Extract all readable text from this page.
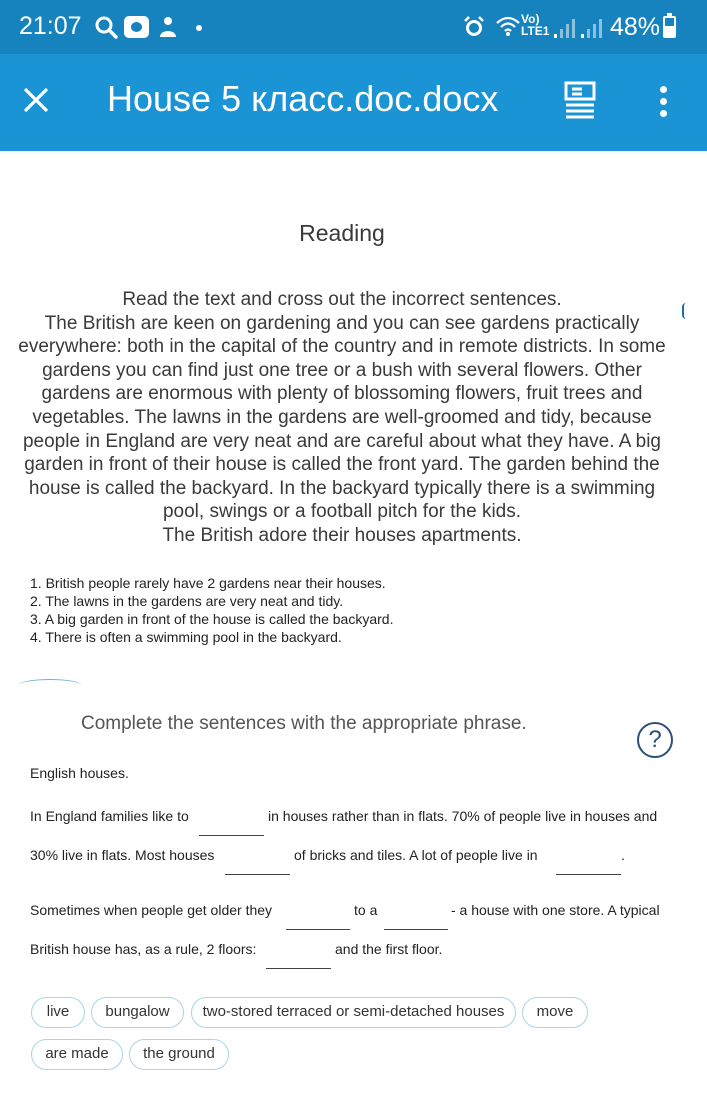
21:07	Vo) LTE1 48%
House 5 класс.doc.docx
Reading
Read the text and cross out the incorrect sentences.
The British are keen on gardening and you can see gardens practically everywhere: both in the capital of the country and in remote districts. In some gardens you can find just one tree or a bush with several flowers. Other gardens are enormous with plenty of blossoming flowers, fruit trees and vegetables. The lawns in the gardens are well-groomed and tidy, because people in England are very neat and are careful about what they have. A big garden in front of their house is called the front yard. The garden behind the house is called the backyard. In the backyard typically there is a swimming pool, swings or a football pitch for the kids.
The British adore their houses apartments.
1. British people rarely have 2 gardens near their houses.
2. The lawns in the gardens are very neat and tidy.
3. A big garden in front of the house is called the backyard.
4. There is often a swimming pool in the backyard.
Complete the sentences with the appropriate phrase.
?
English houses.
In England families like to	in houses rather than in flats. 70% of people live in houses and
30% live in flats. Most houses	of bricks and tiles. A lot of people live in	.
Sometimes when people get older they	to a	- a house with one store. A typical
British house has, as a rule, 2 floors:	and the first floor.
live	bungalow	two-stored terraced or semi-detached houses	move
are made	the ground
